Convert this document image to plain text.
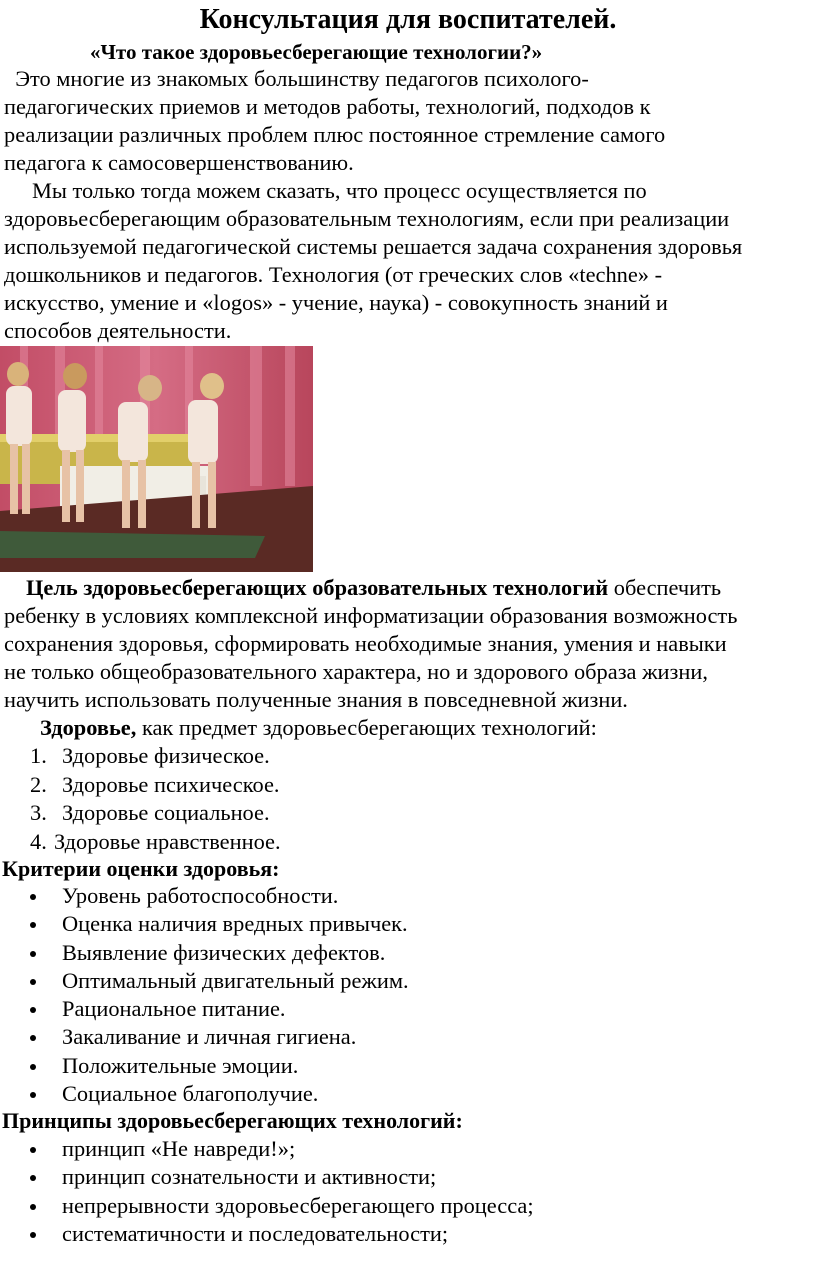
Консультация для воспитателей.
«Что такое здоровьесберегающие технологии?»

Это многие из знакомых большинству педагогов психолого-
педагогических приемов и методов работы, технологий, подходов к
реализации различных проблем плюс постоянное стремление самого
педагога к самосовершенствованию.

Мы только тогда можем сказать, что процесс осуществляется по
здоровьесберегающим образовательным технологиям, если при реализации
используемой педагогической системы решается задача сохранения здоровья
дошкольников и педагогов. Технология (от греческих слов «techne» -
искусство, умение и «logos» - учение, наука) - совокупность знаний и
способов деятельности.

Цель здоровьесберегающих образовательных технологий обеспечить
ребенку в условиях комплексной информатизации образования возможность
сохранения здоровья, сформировать необходимые знания, умения и навыки
не только общеобразовательного характера, но и здорового образа жизни,
научить использовать полученные знания в повседневной жизни.

Здоровье, как предмет здоровьесберегающих технологий:
1. Здоровье физическое.
2. Здоровье психическое.
3. Здоровье социальное.
4. Здоровье нравственное.
Критерии оценки здоровья:
Уровень работоспособности.
Оценка наличия вредных привычек.
Выявление физических дефектов.
Оптимальный двигательный режим.
Рациональное питание.
Закаливание и личная гигиена.
Положительные эмоции.
Социальное благополучие.
Принципы здоровьесберегающих технологий:
принцип «Не навреди!»;
принцип сознательности и активности;
непрерывности здоровьесберегающего процесса;
систематичности и последовательности;
